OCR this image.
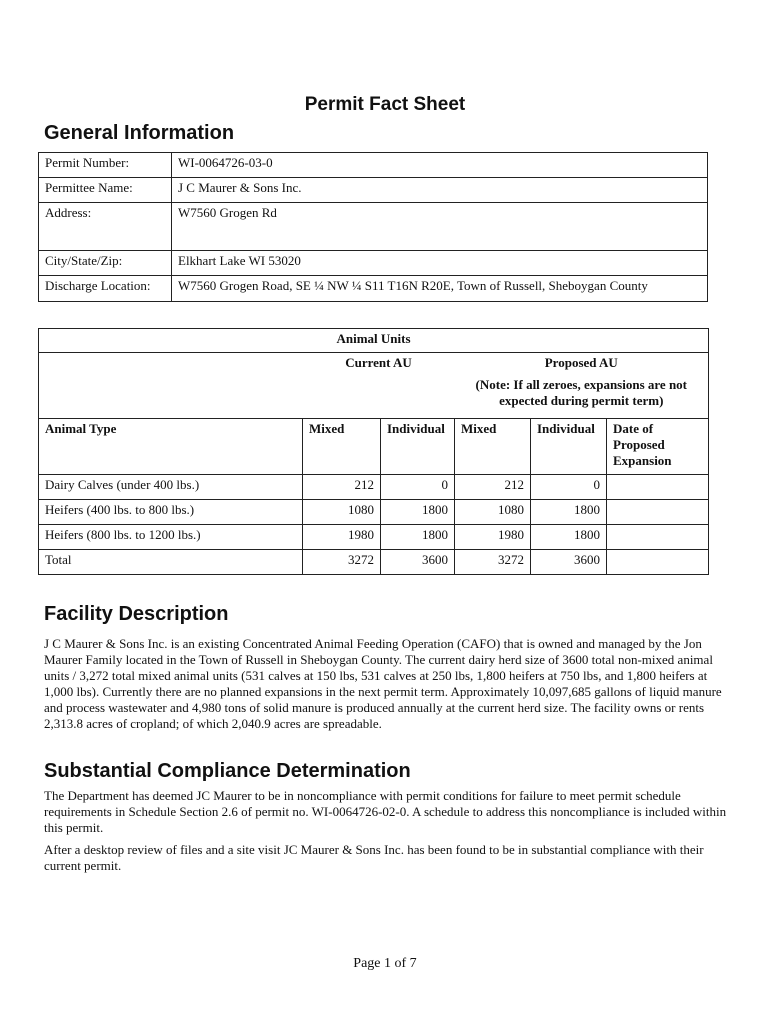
Permit Fact Sheet
General Information
Permit Number:	WI-0064726-03-0
Permittee Name:	J C Maurer & Sons Inc.
Address:	W7560 Grogen Rd
City/State/Zip:	Elkhart Lake WI 53020
Discharge Location:	W7560 Grogen Road, SE ¼ NW ¼ S11 T16N R20E, Town of Russell, Sheboygan County
Animal Units					
	Current AU		Proposed AU
(Note: If all zeroes, expansions are not expected during permit term)		

Animal Type	Mixed	Individual	Mixed	Individual	Date of Proposed Expansion
Dairy Calves (under 400 lbs.)	212	0	212	0	
Heifers (400 lbs. to 800 lbs.)	1080	1800	1080	1800	
Heifers (800 lbs. to 1200 lbs.)	1980	1800	1980	1800	
Total	3272	3600	3272	3600	
Facility Description

J C Maurer & Sons Inc. is an existing Concentrated Animal Feeding Operation (CAFO) that is owned and managed by the Jon Maurer Family located in the Town of Russell in Sheboygan County. The current dairy herd size of 3600 total non-mixed animal units / 3,272 total mixed animal units (531 calves at 150 lbs, 531 calves at 250 lbs, 1,800 heifers at 750 lbs, and 1,800 heifers at 1,000 lbs). Currently there are no planned expansions in the next permit term. Approximately 10,097,685 gallons of liquid manure and process wastewater and 4,980 tons of solid manure is produced annually at the current herd size. The facility owns or rents 2,313.8 acres of cropland; of which 2,040.9 acres are spreadable.

Substantial Compliance Determination

The Department has deemed JC Maurer to be in noncompliance with permit conditions for failure to meet permit schedule requirements in Schedule Section 2.6 of permit no. WI-0064726-02-0. A schedule to address this noncompliance is included within this permit.

After a desktop review of files and a site visit JC Maurer & Sons Inc. has been found to be in substantial compliance with their current permit.

Page 1 of 7
